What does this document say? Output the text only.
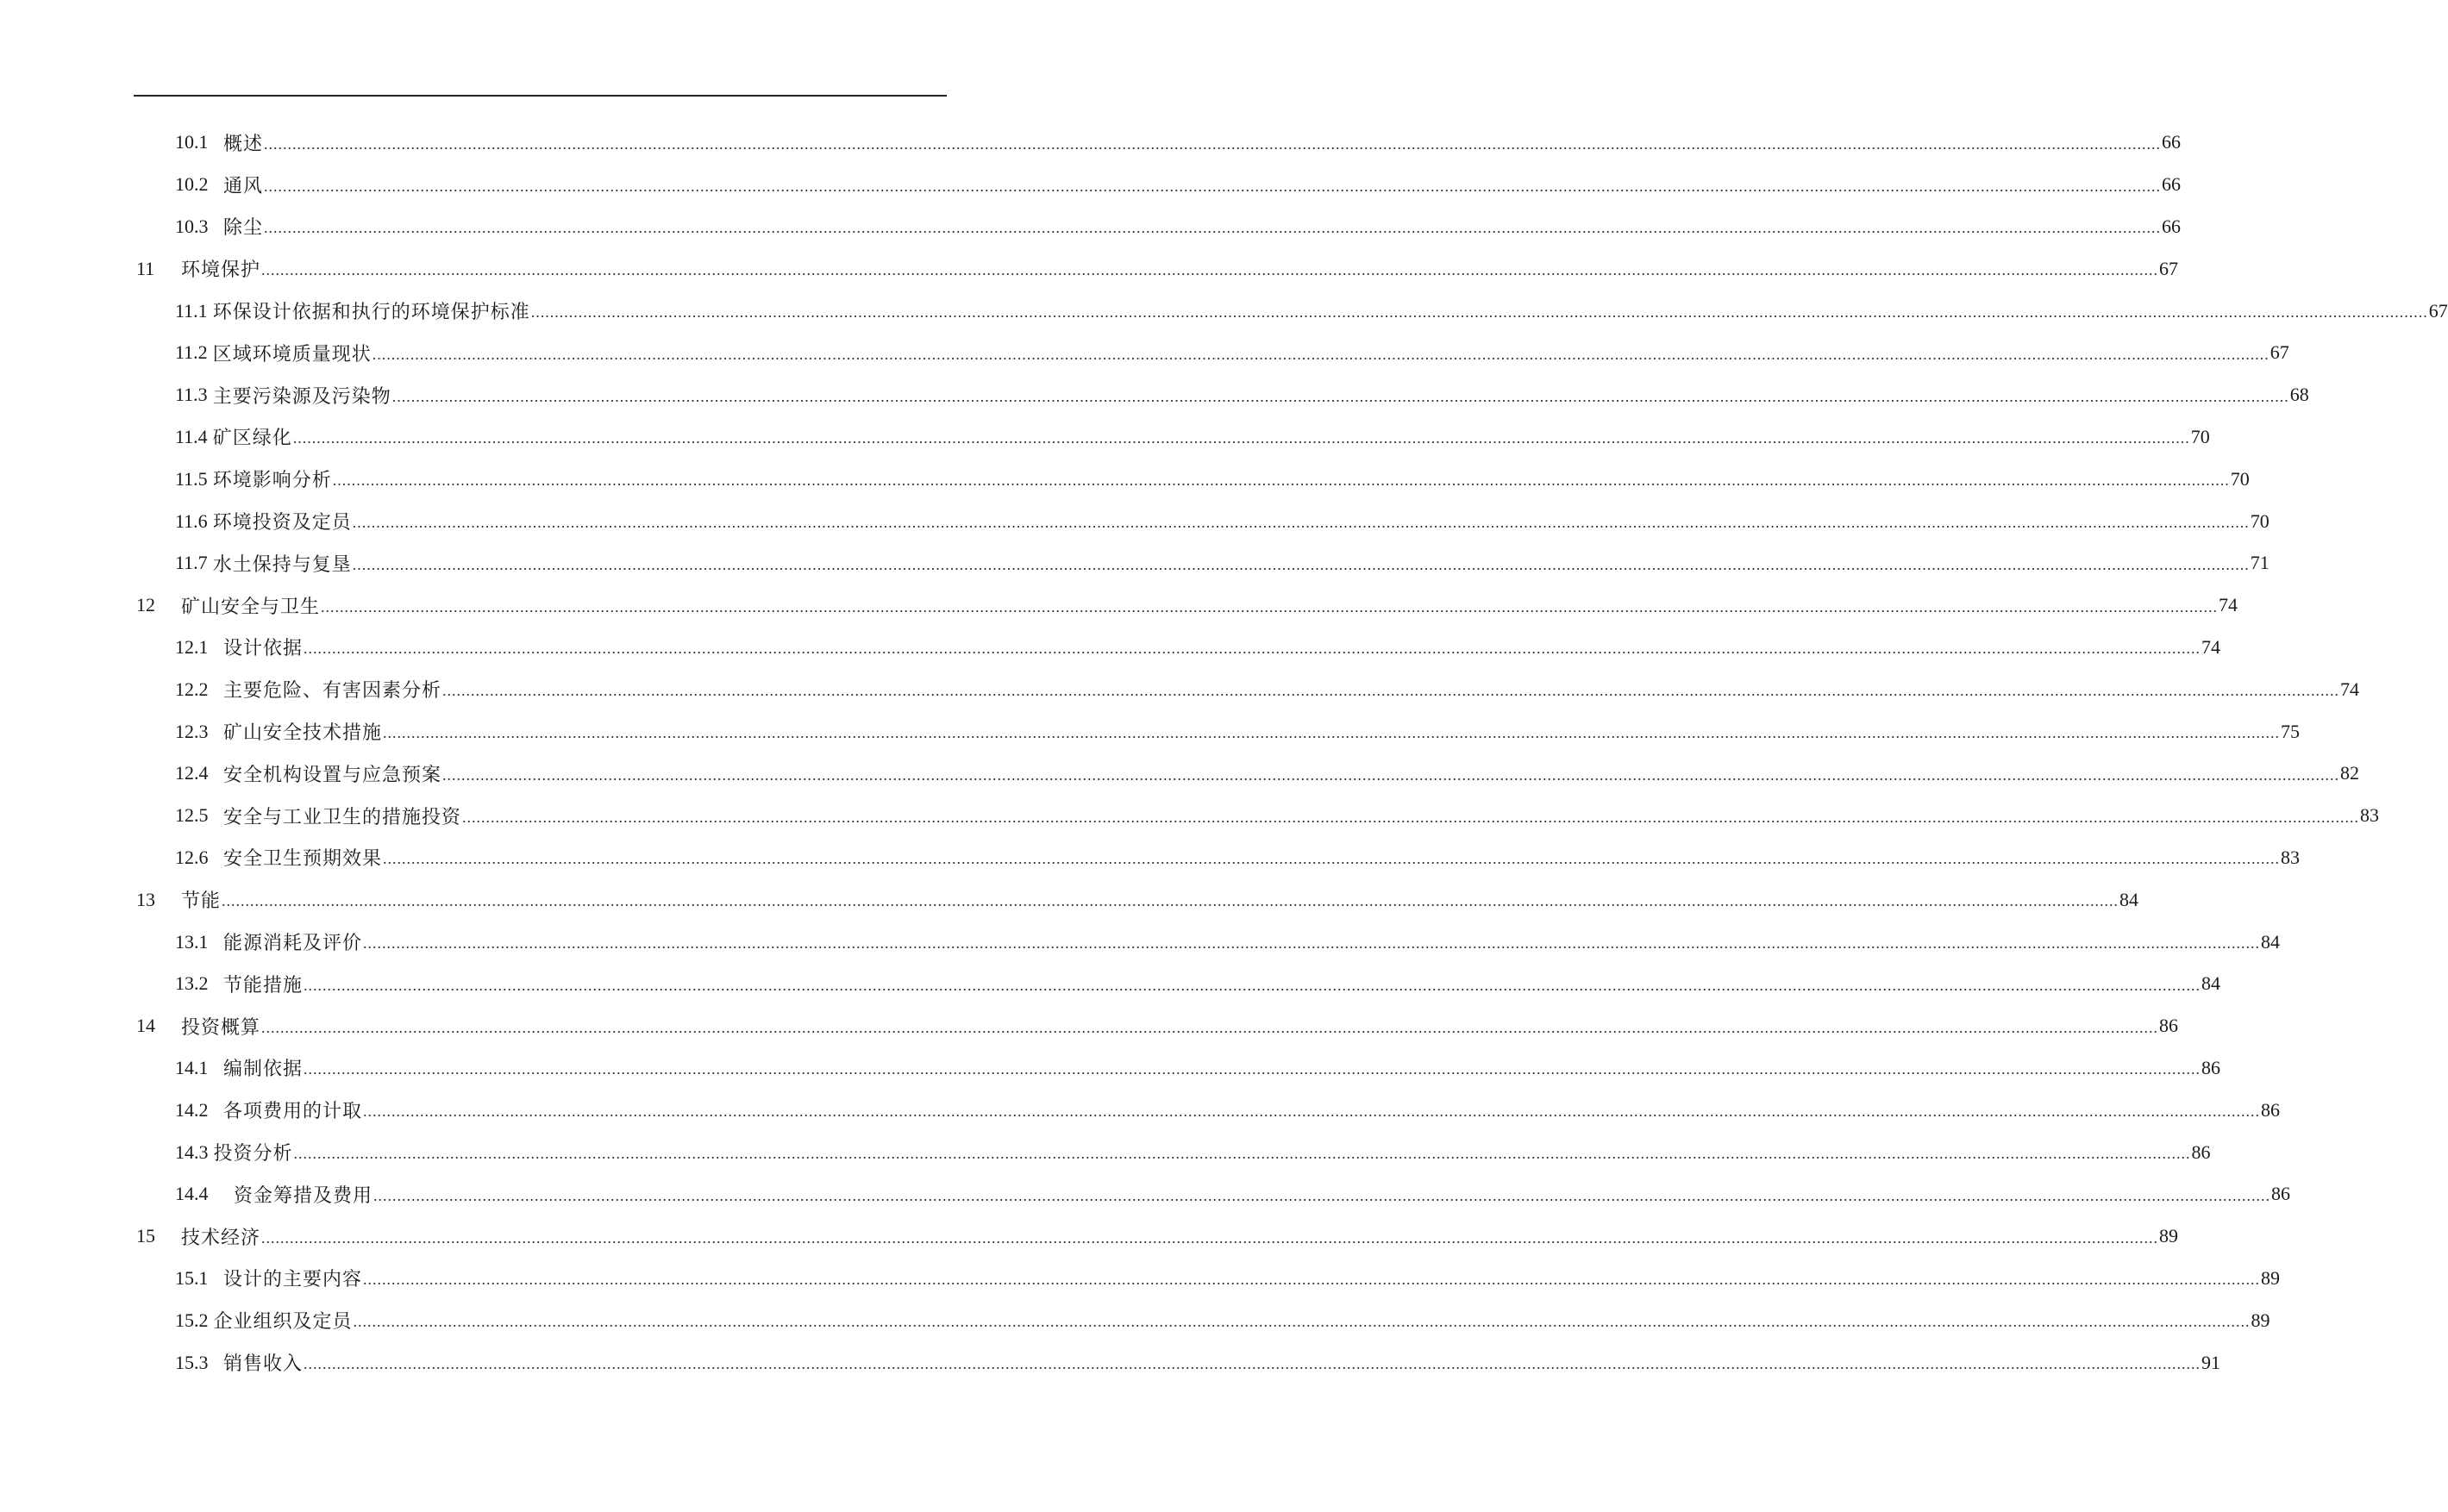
10.1 概述 ................................................................................................................................................................................................................................................................................................................................................................................................................ 66
10.2 通风 ................................................................................................................................................................................................................................................................................................................................................................................................................ 66
10.3 除尘 ................................................................................................................................................................................................................................................................................................................................................................................................................ 66
11	环境保护 ................................................................................................................................................................................................................................................................................................................................................................................................................ 67
11.1 环保设计依据和执行的环境保护标准 ................................................................................................................................................................................................................................................................................................................................................................................................................ 67
11.2 区域环境质量现状 ................................................................................................................................................................................................................................................................................................................................................................................................................ 67
11.3 主要污染源及污染物 ................................................................................................................................................................................................................................................................................................................................................................................................................ 68
11.4 矿区绿化 ................................................................................................................................................................................................................................................................................................................................................................................................................ 70
11.5 环境影响分析 ................................................................................................................................................................................................................................................................................................................................................................................................................ 70
11.6 环境投资及定员 ................................................................................................................................................................................................................................................................................................................................................................................................................ 70
11.7 水土保持与复垦 ................................................................................................................................................................................................................................................................................................................................................................................................................ 71
12	矿山安全与卫生 ................................................................................................................................................................................................................................................................................................................................................................................................................ 74
12.1 设计依据 ................................................................................................................................................................................................................................................................................................................................................................................................................ 74
12.2 主要危险、有害因素分析 ................................................................................................................................................................................................................................................................................................................................................................................................................ 74
12.3 矿山安全技术措施 ................................................................................................................................................................................................................................................................................................................................................................................................................ 75
12.4 安全机构设置与应急预案 ................................................................................................................................................................................................................................................................................................................................................................................................................ 82
12.5 安全与工业卫生的措施投资 ................................................................................................................................................................................................................................................................................................................................................................................................................ 83
12.6 安全卫生预期效果 ................................................................................................................................................................................................................................................................................................................................................................................................................ 83
13	节能 ................................................................................................................................................................................................................................................................................................................................................................................................................ 84
13.1 能源消耗及评价 ................................................................................................................................................................................................................................................................................................................................................................................................................ 84
13.2 节能措施 ................................................................................................................................................................................................................................................................................................................................................................................................................ 84
14	投资概算 ................................................................................................................................................................................................................................................................................................................................................................................................................ 86
14.1 编制依据 ................................................................................................................................................................................................................................................................................................................................................................................................................ 86
14.2 各项费用的计取 ................................................................................................................................................................................................................................................................................................................................................................................................................ 86
14.3 投资分析 ................................................................................................................................................................................................................................................................................................................................................................................................................ 86
14.4	资金筹措及费用 ................................................................................................................................................................................................................................................................................................................................................................................................................ 86
15	技术经济 ................................................................................................................................................................................................................................................................................................................................................................................................................ 89
15.1 设计的主要内容 ................................................................................................................................................................................................................................................................................................................................................................................................................ 89
15.2 企业组织及定员 ................................................................................................................................................................................................................................................................................................................................................................................................................ 89
15.3 销售收入 ................................................................................................................................................................................................................................................................................................................................................................................................................ 91
